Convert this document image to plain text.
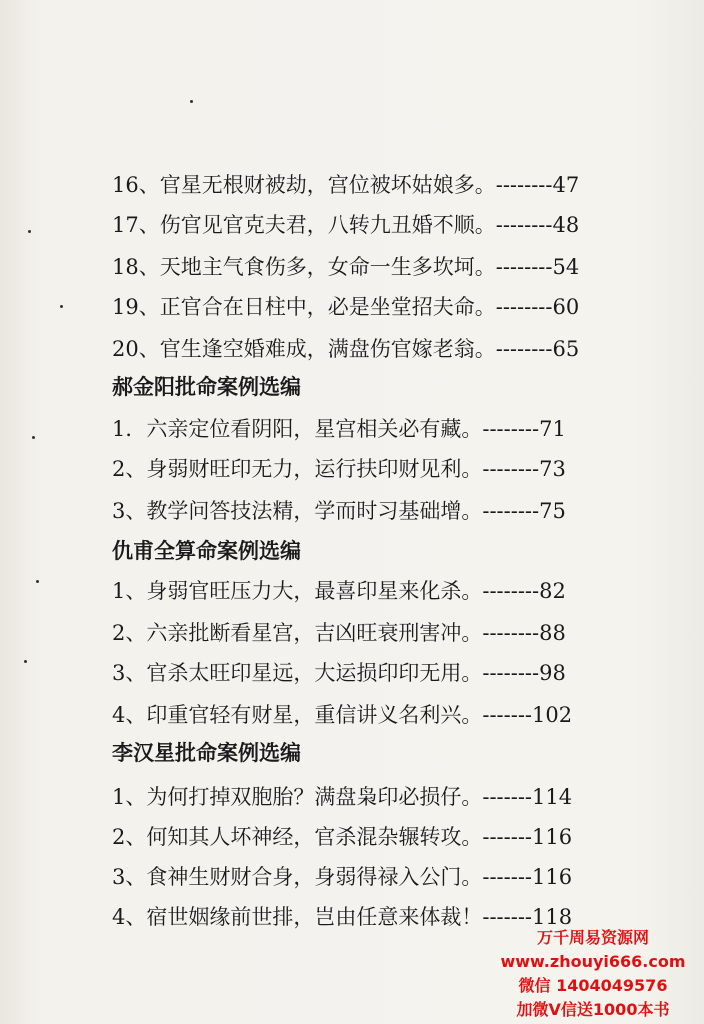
16、官星无根财被劫，宫位被坏姑娘多。--------47
17、伤官见官克夫君，八转九丑婚不顺。--------48
18、天地主气食伤多，女命一生多坎坷。--------54
19、正官合在日柱中，必是坐堂招夫命。--------60
20、官生逢空婚难成，满盘伤官嫁老翁。--------65
郝金阳批命案例选编
1．六亲定位看阴阳，星宫相关必有藏。--------71
2、身弱财旺印无力，运行扶印财见利。--------73
3、教学问答技法精，学而时习基础增。--------75
仇甫全算命案例选编
1、身弱官旺压力大，最喜印星来化杀。--------82
2、六亲批断看星宫，吉凶旺衰刑害冲。--------88
3、官杀太旺印星远，大运损印印无用。--------98
4、印重官轻有财星，重信讲义名利兴。-------102
李汉星批命案例选编
1、为何打掉双胞胎？满盘枭印必损仔。-------114
2、何知其人坏神经，官杀混杂辗转攻。-------116
3、食神生财财合身，身弱得禄入公门。-------116
4、宿世姻缘前世排，岂由任意来体裁！-------118
万千周易资源网
www.zhouyi666.com
微信 1404049576
加微V信送1000本书
